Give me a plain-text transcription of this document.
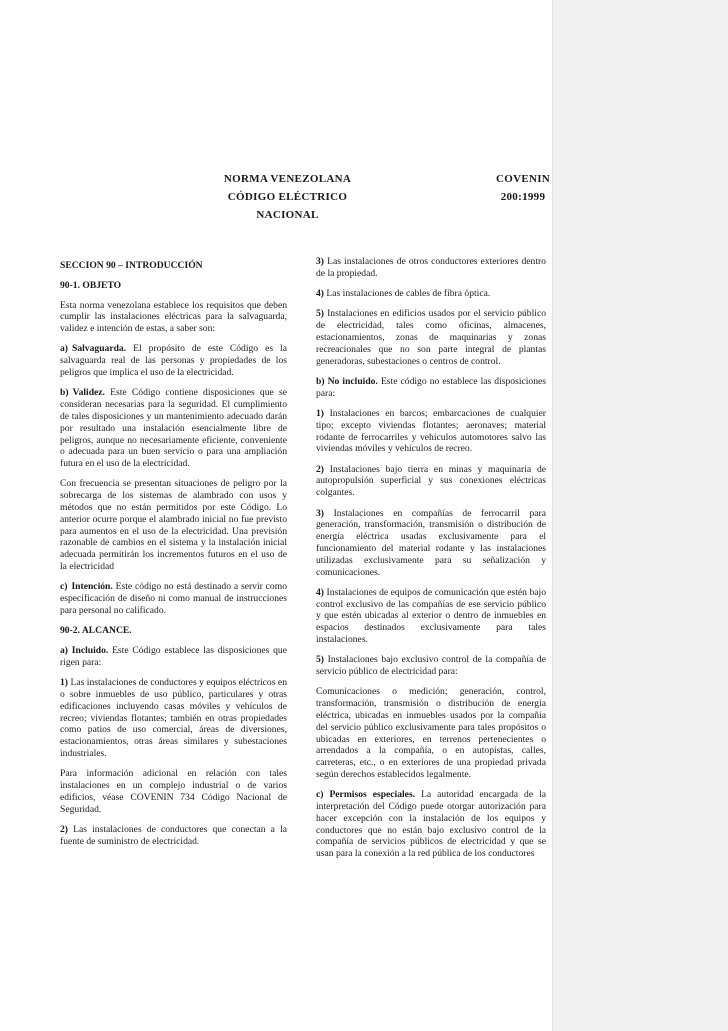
NORMA VENEZOLANA
CÓDIGO ELÉCTRICO NACIONAL
COVENIN
200:1999
SECCION 90 – INTRODUCCIÓN
90-1. OBJETO

Esta norma venezolana establece los requisitos que deben cumplir las instalaciones eléctricas para la salvaguarda, validez e intención de estas, a saber son:

a) Salvaguarda. El propósito de este Código es la salvaguarda real de las personas y propiedades de los peligros que implica el uso de la electricidad.

b) Validez. Este Código contiene disposiciones que se consideran necesarias para la seguridad. El cumplimiento de tales disposiciones y un mantenimiento adecuado darán por resultado una instalación esencialmente libre de peligros, aunque no necesariamente eficiente, conveniente o adecuada para un buen servicio o para una ampliación futura en el uso de la electricidad.

Con frecuencia se presentan situaciones de peligro por la sobrecarga de los sistemas de alambrado con usos y métodos que no están permitidos por este Código. Lo anterior ocurre porque el alambrado inicial no fue previsto para aumentos en el uso de la electricidad. Una previsión razonable de cambios en el sistema y la instalación inicial adecuada permitirán los incrementos futuros en el uso de la electricidad

c) Intención. Este código no está destinado a servir como especificación de diseño ni como manual de instrucciones para personal no calificado.

90-2. ALCANCE.

a) Incluido. Este Código establece las disposiciones que rigen para:

1) Las instalaciones de conductores y equipos eléctricos en o sobre inmuebles de uso público, particulares y otras edificaciones incluyendo casas móviles y vehículos de recreo; viviendas flotantes; también en otras propiedades como patios de uso comercial, áreas de diversiones, estacionamientos, otras áreas similares y subestaciones industriales.

Para información adicional en relación con tales instalaciones en un complejo industrial o de varios edificios, véase COVENIN 734 Código Nacional de Seguridad.

2) Las instalaciones de conductores que conectan a la fuente de suministro de electricidad.

3) Las instalaciones de otros conductores exteriores dentro de la propiedad.

4) Las instalaciones de cables de fibra óptica.

5) Instalaciones en edificios usados por el servicio público de electricidad, tales como oficinas, almacenes, estacionamientos, zonas de maquinarias y zonas recreacionales que no son parte integral de plantas generadoras, subestaciones o centros de control.

b) No incluido. Este código no establece las disposiciones para:

1) Instalaciones en barcos; embarcaciones de cualquier tipo; excepto viviendas flotantes; aeronaves; material rodante de ferrocarriles y vehículos automotores salvo las viviendas móviles y vehículos de recreo.

2) Instalaciones bajo tierra en minas y maquinaria de autopropulsión superficial y sus conexiones eléctricas colgantes.

3) Instalaciones en compañías de ferrocarril para generación, transformación, transmisión o distribución de energía eléctrica usadas exclusivamente para el funcionamiento del material rodante y las instalaciones utilizadas exclusivamente para su señalización y comunicaciones.

4) Instalaciones de equipos de comunicación que estén bajo control exclusivo de las compañías de ese servicio público y que estén ubicadas al exterior o dentro de inmuebles en espacios destinados exclusivamente para tales instalaciones.

5) Instalaciones bajo exclusivo control de la compañía de servicio público de electricidad para:

Comunicaciones o medición; generación, control, transformación, transmisión o distribución de energía eléctrica, ubicadas en inmuebles usados por la compañía del servicio público exclusivamente para tales propósitos o ubicadas en exteriores, en terrenos pertenecientes o arrendados a la compañía, o en autopistas, calles, carreteras, etc., o en exteriores de una propiedad privada según derechos establecidos legalmente.

c) Permisos especiales. La autoridad encargada de la interpretación del Código puede otorgar autorización para hacer excepción con la instalación de los equipos y conductores que no están bajo exclusivo control de la compañía de servicios públicos de electricidad y que se usan para la conexión a la red pública de los conductores
